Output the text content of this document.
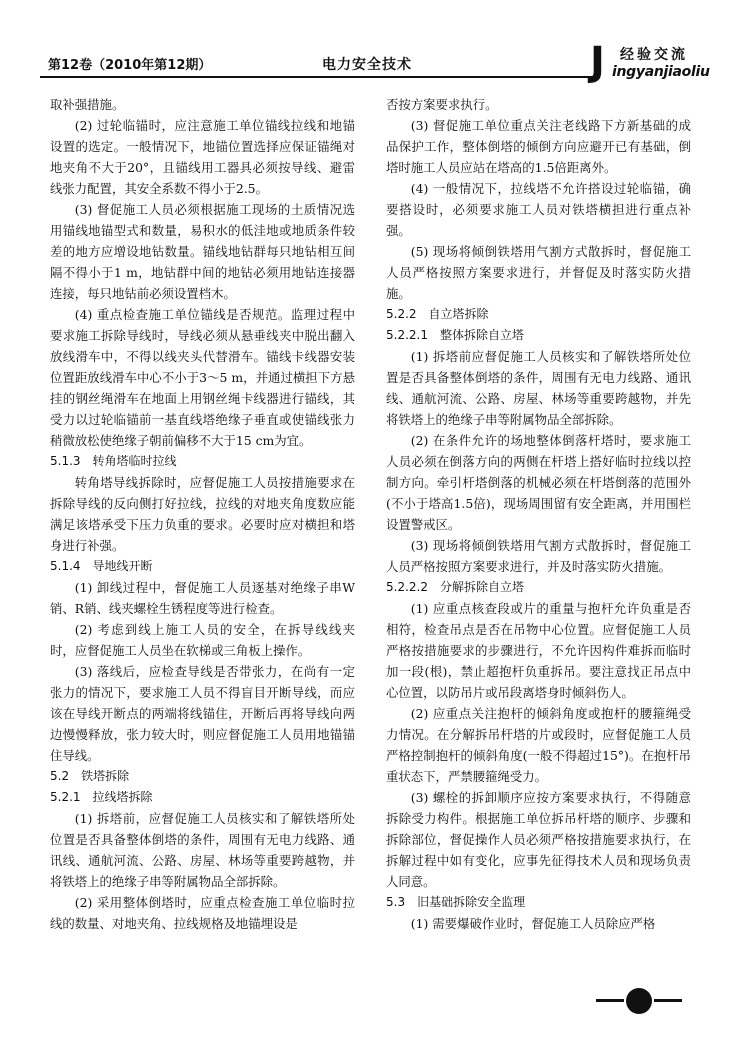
第12卷（2010年第12期）	电力安全技术	J 经验交流
ingyanjiaoliu

取补强措施。

(2) 过轮临锚时，应注意施工单位锚线拉线和地锚设置的选定。一般情况下，地锚位置选择应保证锚绳对地夹角不大于20°，且锚线用工器具必须按导线、避雷线张力配置，其安全系数不得小于2.5。

(3) 督促施工人员必须根据施工现场的土质情况选用锚线地锚型式和数量，易积水的低洼地或地质条件较差的地方应增设地钻数量。锚线地钻群每只地钻相互间隔不得小于1 m，地钻群中间的地钻必须用地钻连接器连接，每只地钻前必须设置档木。

(4) 重点检查施工单位锚线是否规范。监理过程中要求施工拆除导线时，导线必须从悬垂线夹中脱出翻入放线滑车中，不得以线夹头代替滑车。锚线卡线器安装位置距放线滑车中心不小于3～5 m，并通过横担下方悬挂的钢丝绳滑车在地面上用钢丝绳卡线器进行锚线，其受力以过轮临锚前一基直线塔绝缘子垂直或使锚线张力稍微放松使绝缘子朝前偏移不大于15 cm为宜。

5.1.3　转角塔临时拉线

转角塔导线拆除时，应督促施工人员按措施要求在拆除导线的反向侧打好拉线，拉线的对地夹角度数应能满足该塔承受下压力负重的要求。必要时应对横担和塔身进行补强。

5.1.4　导地线开断

(1) 卸线过程中，督促施工人员逐基对绝缘子串W销、R销、线夹螺栓生锈程度等进行检查。

(2) 考虑到线上施工人员的安全，在拆导线线夹时，应督促施工人员坐在软梯或三角板上操作。

(3) 落线后，应检查导线是否带张力，在尚有一定张力的情况下，要求施工人员不得盲目开断导线，而应该在导线开断点的两端将线锚住，开断后再将导线向两边慢慢释放，张力较大时，则应督促施工人员用地锚锚住导线。

5.2　铁塔拆除

5.2.1　拉线塔拆除

(1) 拆塔前，应督促施工人员核实和了解铁塔所处位置是否具备整体倒塔的条件，周围有无电力线路、通讯线、通航河流、公路、房屋、林场等重要跨越物，并将铁塔上的绝缘子串等附属物品全部拆除。

(2) 采用整体倒塔时，应重点检查施工单位临时拉线的数量、对地夹角、拉线规格及地锚埋设是

否按方案要求执行。

(3) 督促施工单位重点关注老线路下方新基础的成品保护工作，整体倒塔的倾倒方向应避开已有基础，倒塔时施工人员应站在塔高的1.5倍距离外。

(4) 一般情况下，拉线塔不允许搭设过轮临锚，确要搭设时，必须要求施工人员对铁塔横担进行重点补强。

(5) 现场将倾倒铁塔用气割方式散拆时，督促施工人员严格按照方案要求进行，并督促及时落实防火措施。

5.2.2　自立塔拆除

5.2.2.1　整体拆除自立塔

(1) 拆塔前应督促施工人员核实和了解铁塔所处位置是否具备整体倒塔的条件，周围有无电力线路、通讯线、通航河流、公路、房屋、林场等重要跨越物，并先将铁塔上的绝缘子串等附属物品全部拆除。

(2) 在条件允许的场地整体倒落杆塔时，要求施工人员必须在倒落方向的两侧在杆塔上搭好临时拉线以控制方向。牵引杆塔倒落的机械必须在杆塔倒落的范围外(不小于塔高1.5倍)，现场周围留有安全距离，并用围栏设置警戒区。

(3) 现场将倾倒铁塔用气割方式散拆时，督促施工人员严格按照方案要求进行，并及时落实防火措施。

5.2.2.2　分解拆除自立塔

(1) 应重点核查段或片的重量与抱杆允许负重是否相符，检查吊点是否在吊物中心位置。应督促施工人员严格按措施要求的步骤进行，不允许因构件难拆而临时加一段(根)，禁止超抱杆负重拆吊。要注意找正吊点中心位置，以防吊片或吊段离塔身时倾斜伤人。

(2) 应重点关注抱杆的倾斜角度或抱杆的腰箍绳受力情况。在分解拆吊杆塔的片或段时，应督促施工人员严格控制抱杆的倾斜角度(一般不得超过15°)。在抱杆吊重状态下，严禁腰箍绳受力。

(3) 螺栓的拆卸顺序应按方案要求执行，不得随意拆除受力构件。根据施工单位拆吊杆塔的顺序、步骤和拆除部位，督促操作人员必须严格按措施要求执行，在拆解过程中如有变化，应事先征得技术人员和现场负责人同意。

5.3　旧基础拆除安全监理

(1) 需要爆破作业时，督促施工人员除应严格
